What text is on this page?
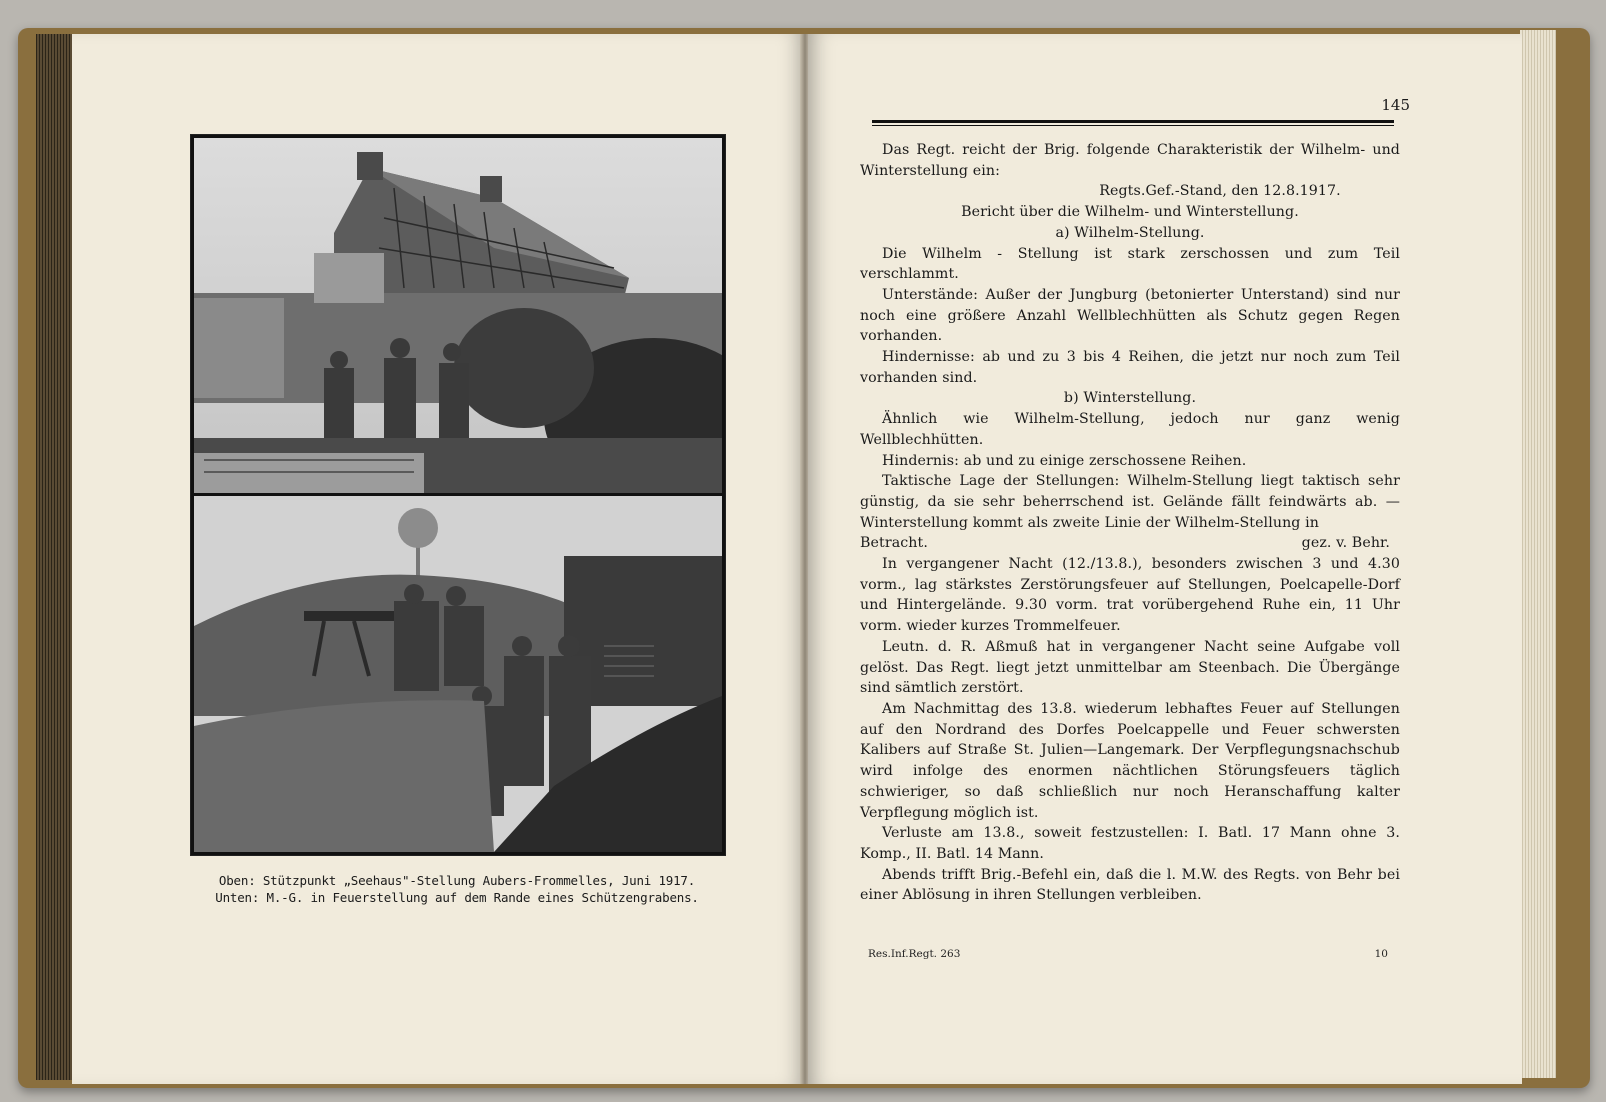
Oben: Stützpunkt „Seehaus"-Stellung Aubers-Frommelles, Juni 1917.
Unten: M.-G. in Feuerstellung auf dem Rande eines Schützengrabens.
145

Das Regt. reicht der Brig. folgende Charakteristik der Wilhelm- und Winterstellung ein:

Regts.Gef.-Stand, den 12.8.1917.

Bericht über die Wilhelm- und Winterstellung.

a) Wilhelm-Stellung.

Die Wilhelm - Stellung ist stark zerschossen und zum Teil verschlammt.

Unterstände: Außer der Jungburg (betonierter Unterstand) sind nur noch eine größere Anzahl Wellblechhütten als Schutz gegen Regen vorhanden.

Hindernisse: ab und zu 3 bis 4 Reihen, die jetzt nur noch zum Teil vorhanden sind.

b) Winterstellung.

Ähnlich wie Wilhelm-Stellung, jedoch nur ganz wenig Wellblechhütten.

Hindernis: ab und zu einige zerschossene Reihen.

Taktische Lage der Stellungen: Wilhelm-Stellung liegt taktisch sehr günstig, da sie sehr beherrschend ist. Gelände fällt feindwärts ab. —Winterstellung kommt als zweite Linie der Wilhelm-Stellung in

Betracht.	gez. v. Behr.

In vergangener Nacht (12./13.8.), besonders zwischen 3 und 4.30 vorm., lag stärkstes Zerstörungsfeuer auf Stellungen, Poelcapelle-Dorf und Hintergelände. 9.30 vorm. trat vorübergehend Ruhe ein, 11 Uhr vorm. wieder kurzes Trommelfeuer.

Leutn. d. R. Aßmuß hat in vergangener Nacht seine Aufgabe voll gelöst. Das Regt. liegt jetzt unmittelbar am Steenbach. Die Übergänge sind sämtlich zerstört.

Am Nachmittag des 13.8. wiederum lebhaftes Feuer auf Stellungen auf den Nordrand des Dorfes Poelcappelle und Feuer schwersten Kalibers auf Straße St. Julien—Langemark. Der Verpflegungsnachschub wird infolge des enormen nächtlichen Störungsfeuers täglich schwieriger, so daß schließlich nur noch Heranschaffung kalter Verpflegung möglich ist.

Verluste am 13.8., soweit festzustellen: I. Batl. 17 Mann ohne 3. Komp., II. Batl. 14 Mann.

Abends trifft Brig.-Befehl ein, daß die l. M.W. des Regts. von Behr bei einer Ablösung in ihren Stellungen verbleiben.

Res.Inf.Regt. 263	10
